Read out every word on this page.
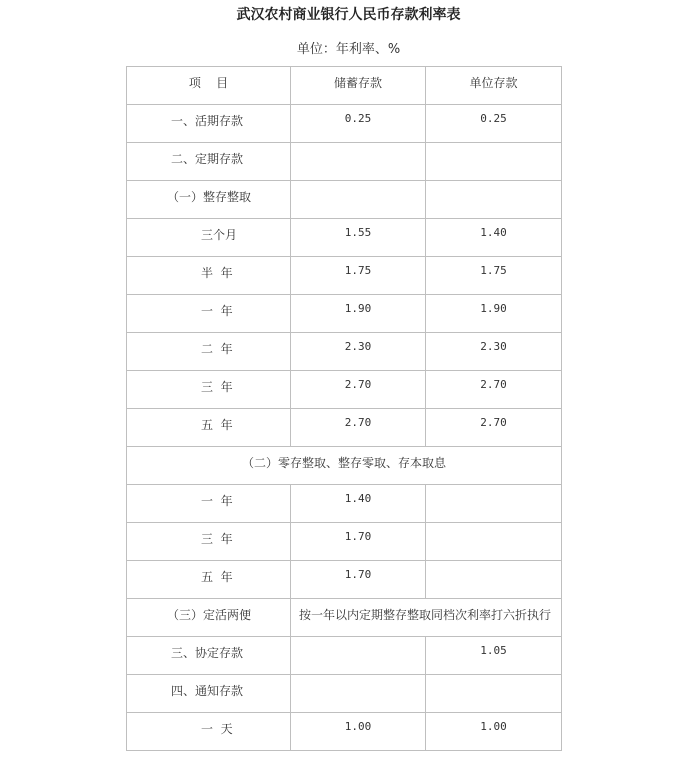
武汉农村商业银行人民币存款利率表
单位：年利率、%
项    目	储蓄存款	单位存款
一、活期存款	0.25	0.25
二、定期存款		
（一）整存整取		
三个月	1.55	1.40
半  年	1.75	1.75
一  年	1.90	1.90
二  年	2.30	2.30
三  年	2.70	2.70
五  年	2.70	2.70
（二）零存整取、整存零取、存本取息		
一  年	1.40	
三  年	1.70	
五  年	1.70	
（三）定活两便	按一年以内定期整存整取同档次利率打六折执行	
三、协定存款		1.05
四、通知存款		
一  天	1.00	1.00
